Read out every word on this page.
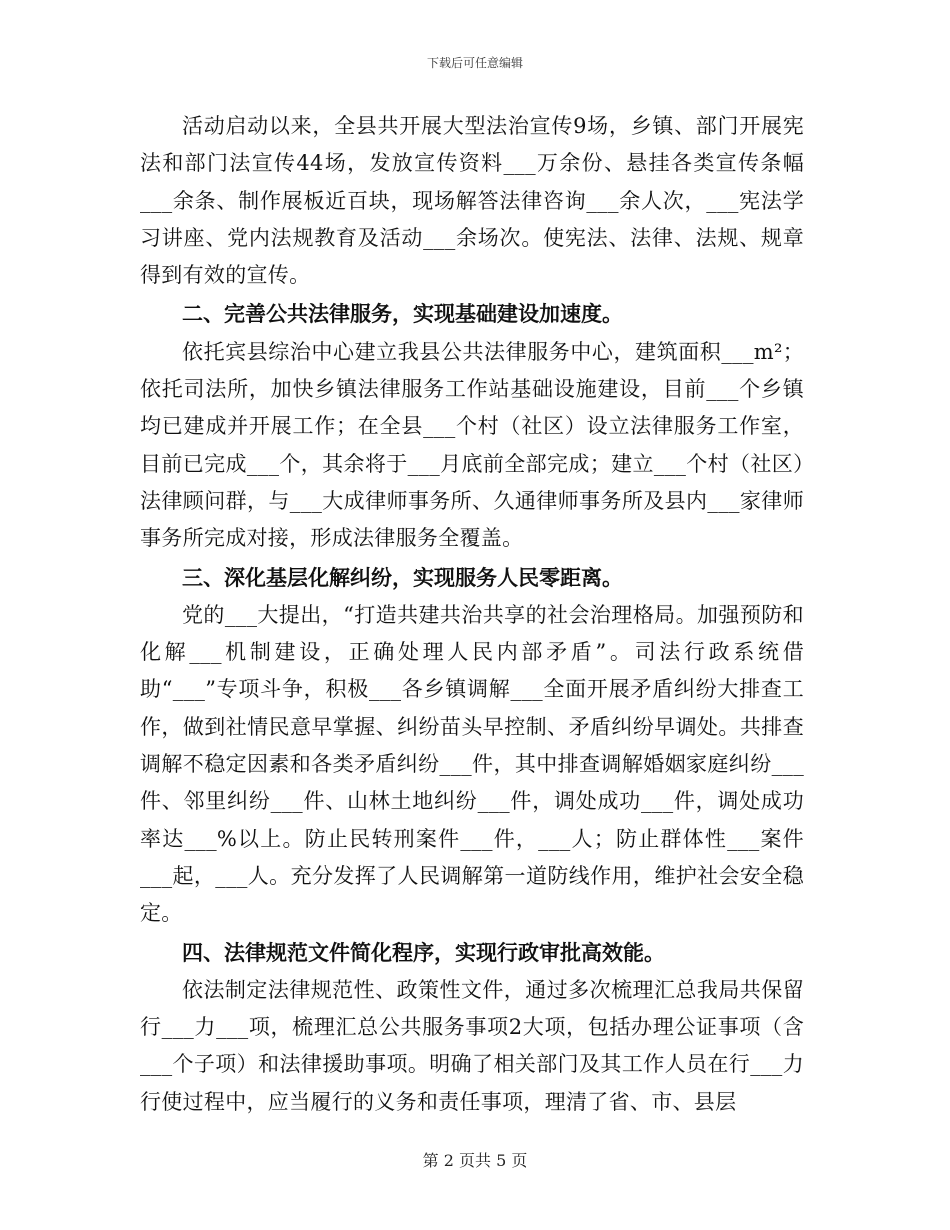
下载后可任意编辑

活动启动以来，全县共开展大型法治宣传9场，乡镇、部门开展宪法和部门法宣传44场，发放宣传资料___万余份、悬挂各类宣传条幅___余条、制作展板近百块，现场解答法律咨询___余人次，___宪法学习讲座、党内法规教育及活动___余场次。使宪法、法律、法规、规章得到有效的宣传。

二、完善公共法律服务，实现基础建设加速度。

依托宾县综治中心建立我县公共法律服务中心，建筑面积___m²；依托司法所，加快乡镇法律服务工作站基础设施建设，目前___个乡镇均已建成并开展工作；在全县___个村（社区）设立法律服务工作室，目前已完成___个，其余将于___月底前全部完成；建立___个村（社区）法律顾问群，与___大成律师事务所、久通律师事务所及县内___家律师事务所完成对接，形成法律服务全覆盖。

三、深化基层化解纠纷，实现服务人民零距离。

党的___大提出，“打造共建共治共享的社会治理格局。加强预防和化解___机制建设，正确处理人民内部矛盾”。司法行政系统借助“___”专项斗争，积极___各乡镇调解___全面开展矛盾纠纷大排查工作，做到社情民意早掌握、纠纷苗头早控制、矛盾纠纷早调处。共排查调解不稳定因素和各类矛盾纠纷___件，其中排查调解婚姻家庭纠纷___件、邻里纠纷___件、山林土地纠纷___件，调处成功___件，调处成功率达___%以上。防止民转刑案件___件，___人；防止群体性___案件___起，___人。充分发挥了人民调解第一道防线作用，维护社会安全稳定。

四、法律规范文件简化程序，实现行政审批高效能。

依法制定法律规范性、政策性文件，通过多次梳理汇总我局共保留行___力___项，梳理汇总公共服务事项2大项，包括办理公证事项（含___个子项）和法律援助事项。明确了相关部门及其工作人员在行___力行使过程中，应当履行的义务和责任事项，理清了省、市、县层

第 2 页共 5 页
